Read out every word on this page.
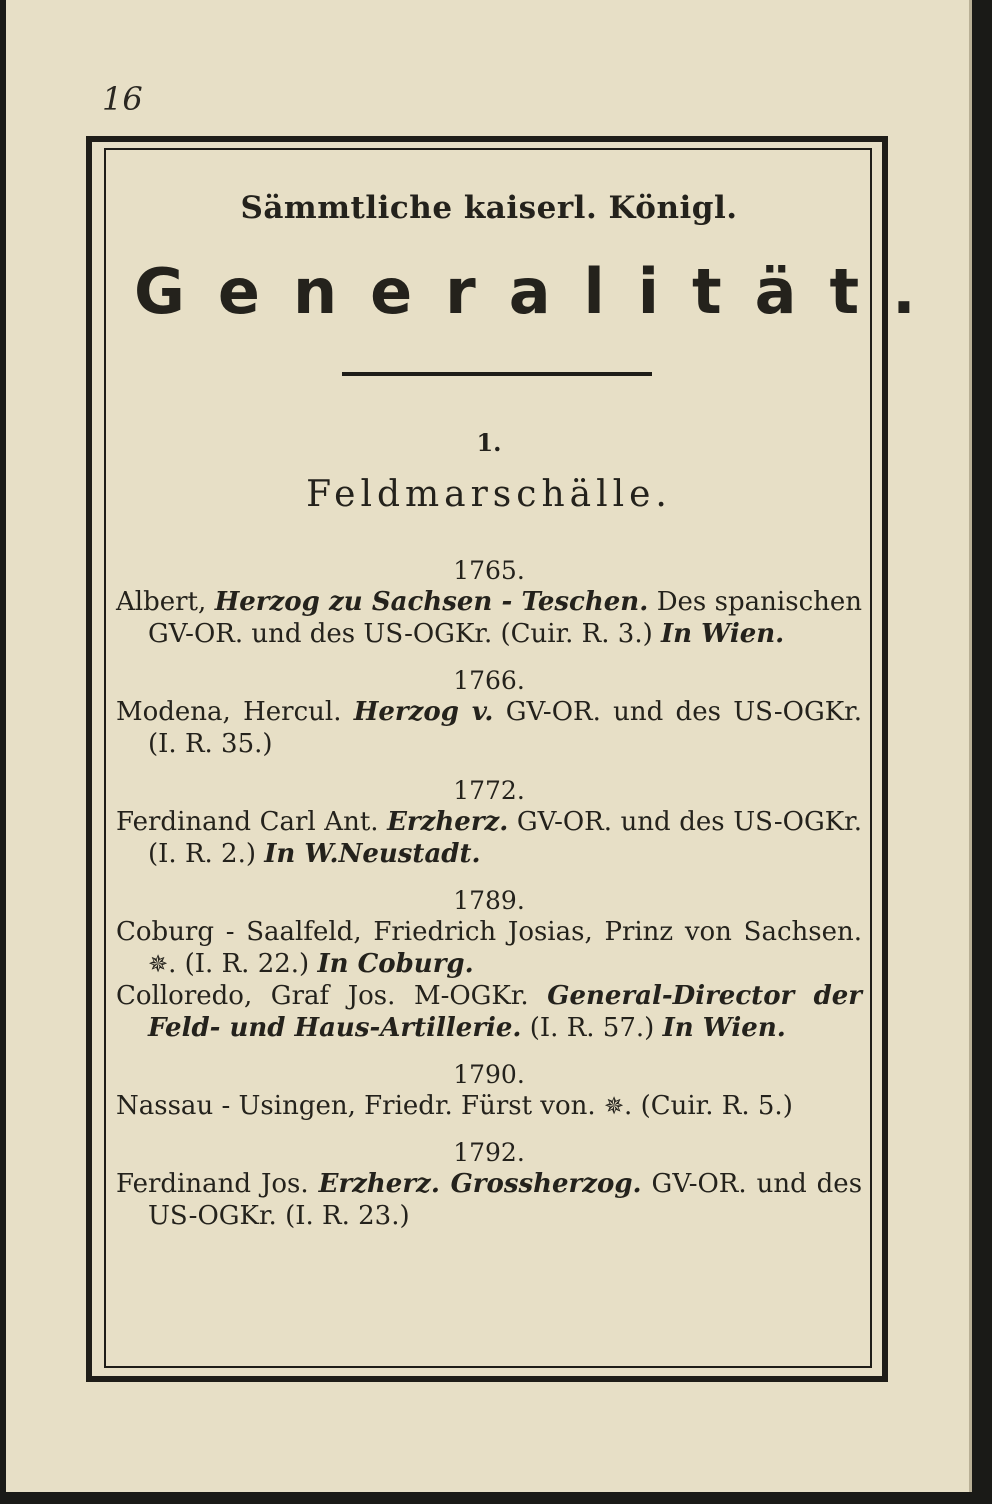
16
Sämmtliche kaiserl. Königl.
Generalität.
1.
Feldmarschälle.
1765.

Albert, Herzog zu Sachsen - Teschen. Des spanischen GV-OR. und des US-OGKr. (Cuir. R. 3.) In Wien.

1766.

Modena, Hercul. Herzog v. GV-OR. und des US-OGKr. (I. R. 35.)

1772.

Ferdinand Carl Ant. Erzherz. GV-OR. und des US-OGKr. (I. R. 2.) In W.Neustadt.

1789.

Coburg - Saalfeld, Friedrich Josias, Prinz von Sachsen. ✵. (I. R. 22.) In Coburg.

Colloredo, Graf Jos. M-OGKr. General-Director der Feld- und Haus-Artillerie. (I. R. 57.) In Wien.

1790.

Nassau - Usingen, Friedr. Fürst von. ✵. (Cuir. R. 5.)

1792.

Ferdinand Jos. Erzherz. Grossherzog. GV-OR. und des US-OGKr. (I. R. 23.)
